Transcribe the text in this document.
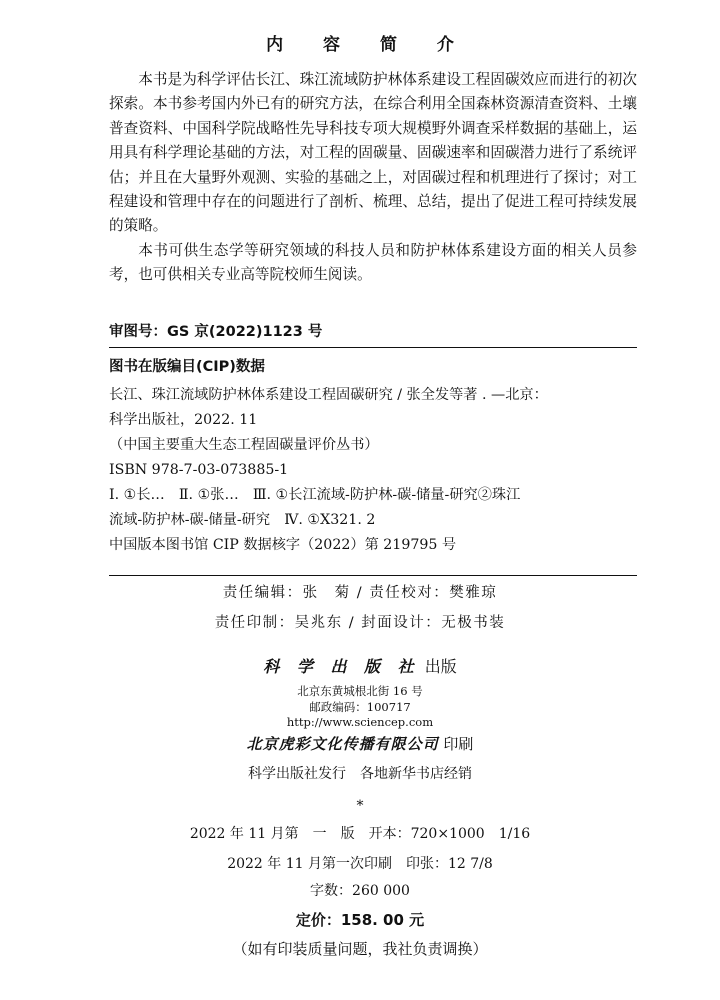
内 容 简 介

本书是为科学评估长江、珠江流域防护林体系建设工程固碳效应而进行的初次探索。本书参考国内外已有的研究方法，在综合利用全国森林资源清查资料、土壤普查资料、中国科学院战略性先导科技专项大规模野外调查采样数据的基础上，运用具有科学理论基础的方法，对工程的固碳量、固碳速率和固碳潜力进行了系统评估；并且在大量野外观测、实验的基础之上，对固碳过程和机理进行了探讨；对工程建设和管理中存在的问题进行了剖析、梳理、总结，提出了促进工程可持续发展的策略。

本书可供生态学等研究领域的科技人员和防护林体系建设方面的相关人员参考，也可供相关专业高等院校师生阅读。

审图号：GS 京(2022)1123 号
图书在版编目(CIP)数据
长江、珠江流域防护林体系建设工程固碳研究 / 张全发等著 . —北京：
科学出版社，2022. 11
（中国主要重大生态工程固碳量评价丛书）
ISBN 978-7-03-073885-1
Ⅰ. ①长…　Ⅱ. ①张…　Ⅲ. ①长江流域-防护林-碳-储量-研究②珠江
流域-防护林-碳-储量-研究　Ⅳ. ①X321. 2
中国版本图书馆 CIP 数据核字（2022）第 219795 号
责任编辑：张　菊 / 责任校对：樊雅琼
责任印制：吴兆东 / 封面设计：无极书装
科 学 出 版 社 出版
北京东黄城根北街 16 号
邮政编码：100717
http://www.sciencep.com
北京虎彩文化传播有限公司 印刷
科学出版社发行　各地新华书店经销
*
2022 年 11 月第　一　版　开本：720×1000　1/16
2022 年 11 月第一次印刷　印张：12 7/8
字数：260 000
定价：158. 00 元
（如有印装质量问题，我社负责调换）
